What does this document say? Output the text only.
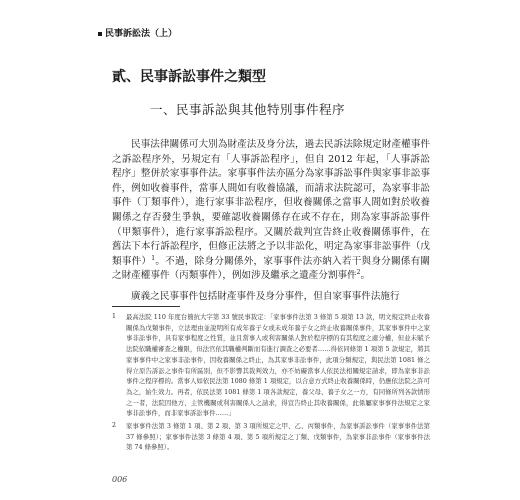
民事訴訟法（上）
貳、民事訴訟事件之類型
一、民事訴訟與其他特別事件程序

民事法律關係可大別為財產法及身分法，過去民訴法除規定財產權事件之訴訟程序外，另規定有「人事訴訟程序」，但自 2012 年起，「人事訴訟程序」整併於家事事件法。家事事件法亦區分為家事訴訟事件與家事非訟事件，例如收養事件，當事人間如有收養協議，而請求法院認可，為家事非訟事件（丁類事件），進行家事非訟程序，但收養關係之當事人間如對於收養關係之存否發生爭執，要確認收養關係存在或不存在，則為家事訴訟事件（甲類事件），進行家事訴訟程序。又關於裁判宣告終止收養關係事件，在舊法下本行訴訟程序，但修正法將之予以非訟化，明定為家事非訟事件（戊類事件）$^1$。不過，除身分關係外，家事事件法亦納入若干與身分關係有關之財產權事件（丙類事件），例如涉及繼承之遺產分割事件$^2$。

廣義之民事事件包括財產事件及身分事件，但自家事事件法施行

1	最高法院 110 年度台簡抗大字第 33 號民事裁定：「家事事件法第 3 條第 5 項第 13 款，明文規定終止收養關係為戊類事件，立法理由並說明所有成年養子女或未成年養子女之終止收養關係事件，其家事事件中之家事非訟事件，具有家事程度之性質，並且當事人或利害關係人對於程序標的有其程度之處分權，但並未賦予法院依職權審查之權限，但法官依其職權判斷而有進行調查之必要者……得依同條第 1 項第 5 款規定，將其家事事件中之家事非訟事件，因收養關係之終止，為其家事非訟事件，此項分類規定，與民法第 1081 條之得立原告訴訟之事件有所區別，但不影響其裁判效力，亦不妨礙當事人依民法相關規定請求，即為家事非訟事件之程序標的。當事人如依民法第 1080 條第 1 項規定，以合意方式終止收養關係時，仍應依法院之許可為之，始生效力。再者，依民法第 1081 條第 1 項各款規定，養父母、養子女之一方，有同條所列各款情形之一者，法院因他方、主管機關或利害關係人之請求，得宣告終止其收養關係，此係屬家事事件法規定之家事非訟事件，而非家事訴訟事件……」
2	家事事件法第 3 條第 1 項、第 2 項、第 3 項所規定之甲、乙、丙類事件，為家事訴訟事件（家事事件法第 37 條參照）；家事事件法第 3 條第 4 項、第 5 項所規定之丁類、戊類事件，為家事非訟事件（家事事件法第 74 條參照）。
006
